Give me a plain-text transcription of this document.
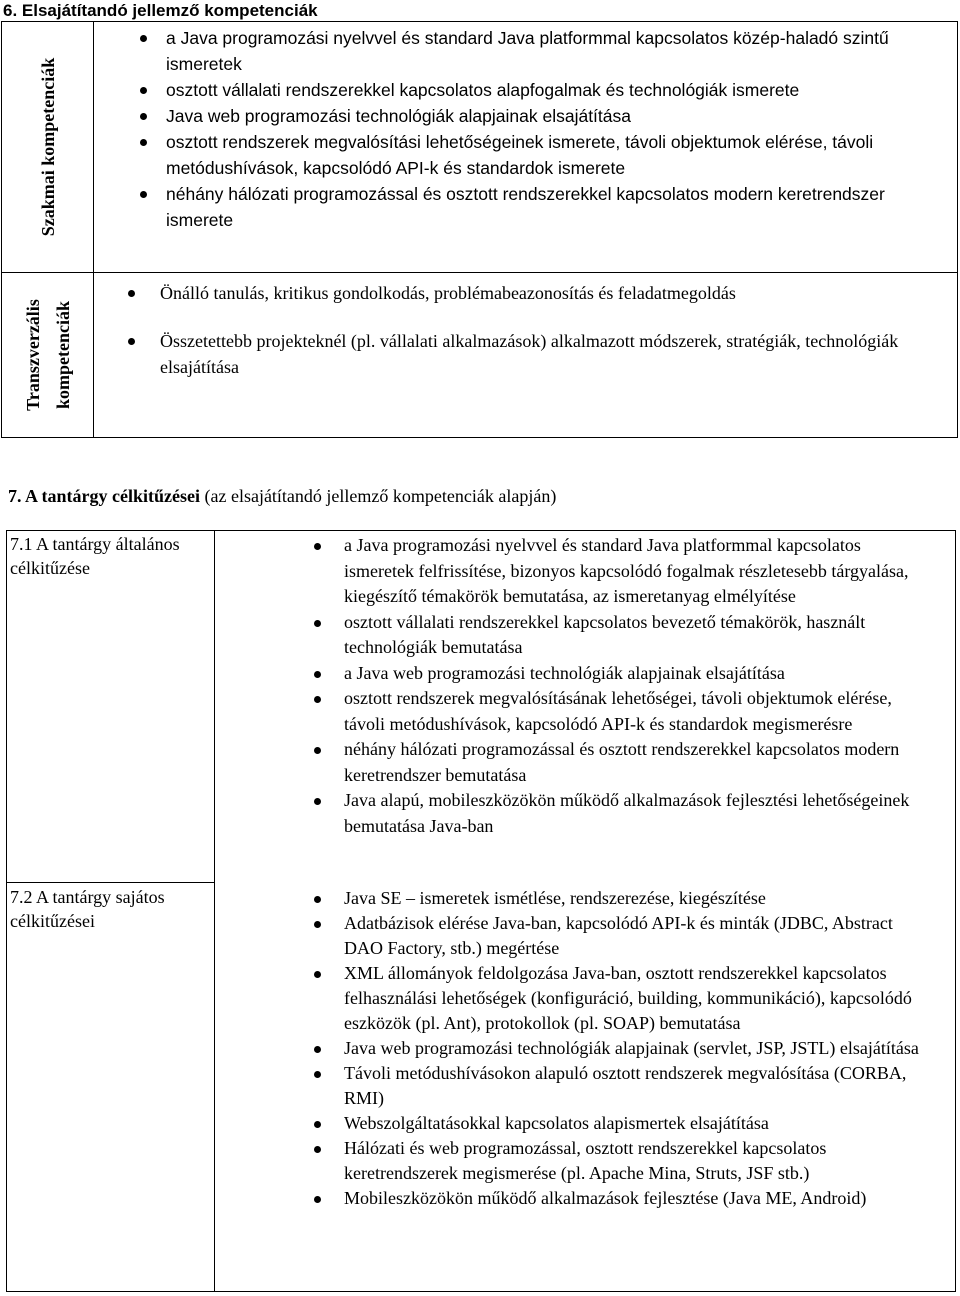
6. Elsajátítandó jellemző kompetenciák
Szakmai kompetenciák
a Java programozási nyelvvel és standard Java platformmal kapcsolatos közép-haladó szintű ismeretek
osztott vállalati rendszerekkel kapcsolatos alapfogalmak és technológiák ismerete
Java web programozási technológiák alapjainak elsajátítása
osztott rendszerek megvalósítási lehetőségeinek ismerete, távoli objektumok elérése, távoli metódushívások, kapcsolódó API-k és standardok ismerete
néhány hálózati programozással és osztott rendszerekkel kapcsolatos modern keretrendszer ismerete
Transzverzális kompetenciák
Önálló tanulás, kritikus gondolkodás, problémabeazonosítás és feladatmegoldás
Összetettebb projekteknél (pl. vállalati alkalmazások) alkalmazott módszerek, stratégiák, technológiák elsajátítása
7. A tantárgy célkitűzései (az elsajátítandó jellemző kompetenciák alapján)
7.1 A tantárgy általános célkitűzése
7.2 A tantárgy sajátos célkitűzései
a Java programozási nyelvvel és standard Java platformmal kapcsolatos ismeretek felfrissítése, bizonyos kapcsolódó fogalmak részletesebb tárgyalása, kiegészítő témakörök bemutatása, az ismeretanyag elmélyítése
osztott vállalati rendszerekkel kapcsolatos bevezető témakörök, használt technológiák bemutatása
a Java web programozási technológiák alapjainak elsajátítása
osztott rendszerek megvalósításának lehetőségei, távoli objektumok elérése, távoli metódushívások, kapcsolódó API-k és standardok megismerésre
néhány hálózati programozással és osztott rendszerekkel kapcsolatos modern keretrendszer bemutatása
Java alapú, mobileszközökön működő alkalmazások fejlesztési lehetőségeinek bemutatása Java-ban
Java SE – ismeretek ismétlése, rendszerezése, kiegészítése
Adatbázisok elérése Java-ban, kapcsolódó API-k és minták (JDBC, Abstract DAO Factory, stb.) megértése
XML állományok feldolgozása Java-ban, osztott rendszerekkel kapcsolatos felhasználási lehetőségek (konfiguráció, building, kommunikáció), kapcsolódó eszközök (pl. Ant), protokollok (pl. SOAP) bemutatása
Java web programozási technológiák alapjainak (servlet, JSP, JSTL) elsajátítása
Távoli metódushívásokon alapuló osztott rendszerek megvalósítása (CORBA, RMI)
Webszolgáltatásokkal kapcsolatos alapismertek elsajátítása
Hálózati és web programozással, osztott rendszerekkel kapcsolatos keretrendszerek megismerése (pl. Apache Mina, Struts, JSF stb.)
Mobileszközökön működő alkalmazások fejlesztése (Java ME, Android)
